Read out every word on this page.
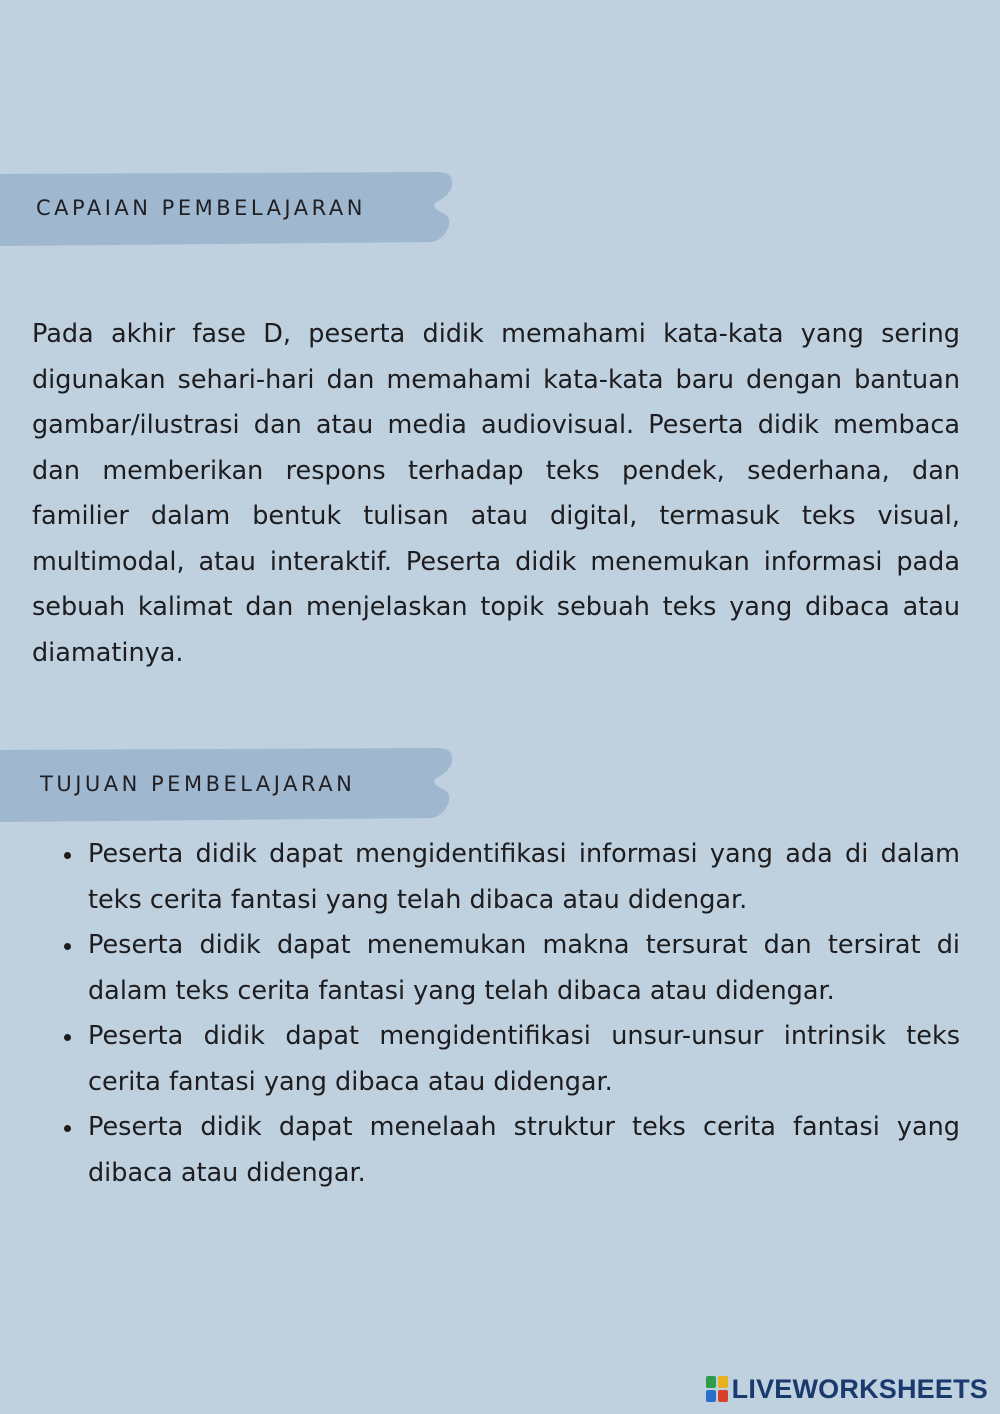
CAPAIAN PEMBELAJARAN

Pada akhir fase D, peserta didik memahami kata-kata yang sering digunakan sehari-hari dan memahami kata-kata baru dengan bantuan gambar/ilustrasi dan atau media audiovisual. Peserta didik membaca dan memberikan respons terhadap teks pendek, sederhana, dan familier dalam bentuk tulisan atau digital, termasuk teks visual, multimodal, atau interaktif. Peserta didik menemukan informasi pada sebuah kalimat dan menjelaskan topik sebuah teks yang dibaca atau diamatinya.

TUJUAN PEMBELAJARAN
Peserta didik dapat mengidentifikasi informasi yang ada di dalam teks cerita fantasi yang telah dibaca atau didengar.
Peserta didik dapat menemukan makna tersurat dan tersirat di dalam teks cerita fantasi yang telah dibaca atau didengar.
Peserta didik dapat mengidentifikasi unsur-unsur intrinsik teks cerita fantasi yang dibaca atau didengar.
Peserta didik dapat menelaah struktur teks cerita fantasi yang dibaca atau didengar.
LIVEWORKSHEETS
